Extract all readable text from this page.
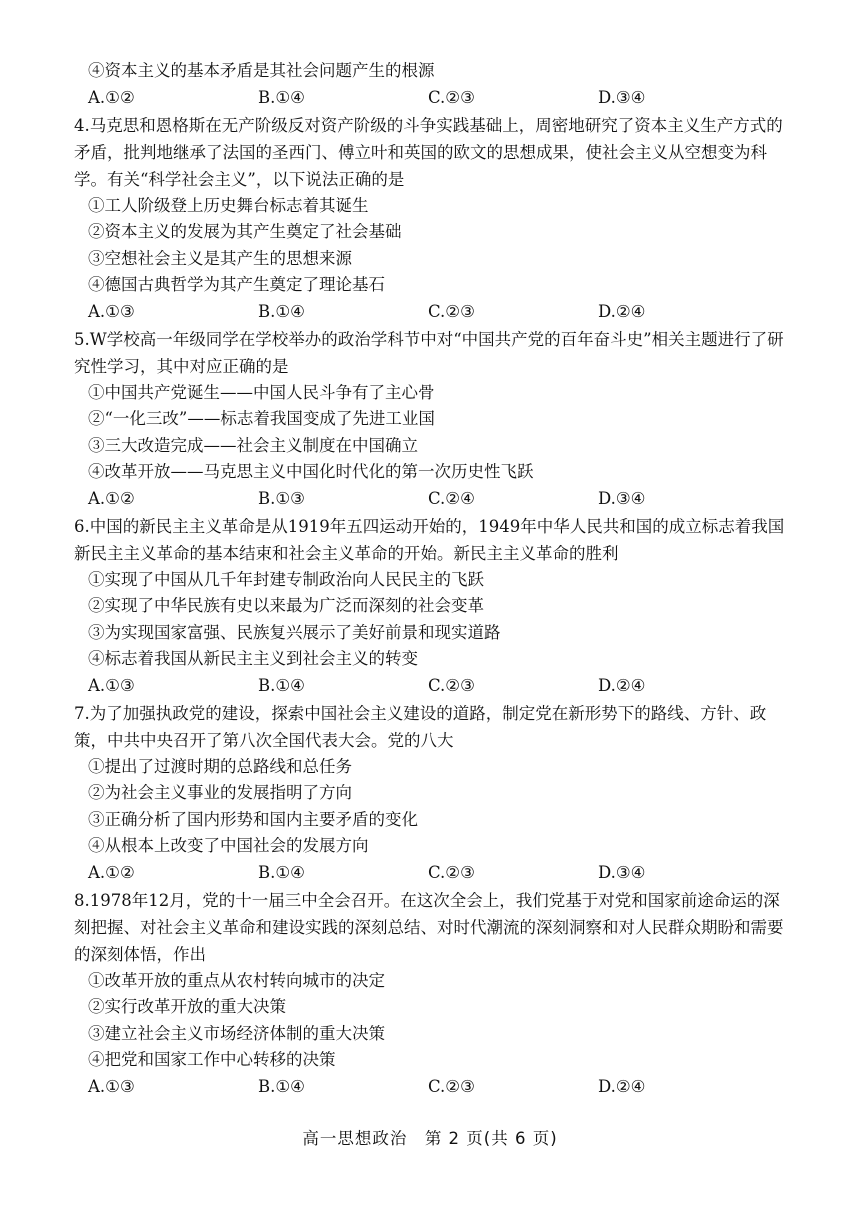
④资本主义的基本矛盾是其社会问题产生的根源
A.①②	B.①④	C.②③	D.③④
4.马克思和恩格斯在无产阶级反对资产阶级的斗争实践基础上，周密地研究了资本主义生产方式的矛盾，批判地继承了法国的圣西门、傅立叶和英国的欧文的思想成果，使社会主义从空想变为科学。有关“科学社会主义”，以下说法正确的是
①工人阶级登上历史舞台标志着其诞生
②资本主义的发展为其产生奠定了社会基础
③空想社会主义是其产生的思想来源
④德国古典哲学为其产生奠定了理论基石
A.①③	B.①④	C.②③	D.②④
5.W学校高一年级同学在学校举办的政治学科节中对“中国共产党的百年奋斗史”相关主题进行了研究性学习，其中对应正确的是
①中国共产党诞生——中国人民斗争有了主心骨
②“一化三改”——标志着我国变成了先进工业国
③三大改造完成——社会主义制度在中国确立
④改革开放——马克思主义中国化时代化的第一次历史性飞跃
A.①②	B.①③	C.②④	D.③④
6.中国的新民主主义革命是从1919年五四运动开始的，1949年中华人民共和国的成立标志着我国新民主主义革命的基本结束和社会主义革命的开始。新民主主义革命的胜利
①实现了中国从几千年封建专制政治向人民民主的飞跃
②实现了中华民族有史以来最为广泛而深刻的社会变革
③为实现国家富强、民族复兴展示了美好前景和现实道路
④标志着我国从新民主主义到社会主义的转变
A.①③	B.①④	C.②③	D.②④
7.为了加强执政党的建设，探索中国社会主义建设的道路，制定党在新形势下的路线、方针、政策，中共中央召开了第八次全国代表大会。党的八大
①提出了过渡时期的总路线和总任务
②为社会主义事业的发展指明了方向
③正确分析了国内形势和国内主要矛盾的变化
④从根本上改变了中国社会的发展方向
A.①②	B.①④	C.②③	D.③④
8.1978年12月，党的十一届三中全会召开。在这次全会上，我们党基于对党和国家前途命运的深刻把握、对社会主义革命和建设实践的深刻总结、对时代潮流的深刻洞察和对人民群众期盼和需要的深刻体悟，作出
①改革开放的重点从农村转向城市的决定
②实行改革开放的重大决策
③建立社会主义市场经济体制的重大决策
④把党和国家工作中心转移的决策
A.①③	B.①④	C.②③	D.②④
高一思想政治　第 2 页(共 6 页)
